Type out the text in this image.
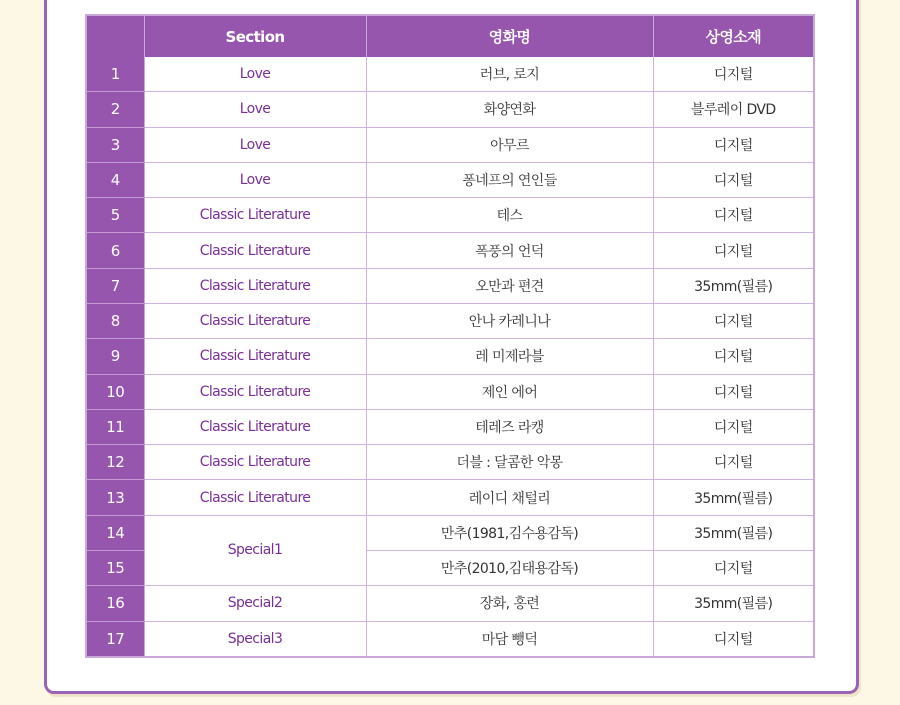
	Section	영화명	상영소재
1	Love	러브, 로지	디지털
2	Love	화양연화	블루레이 DVD
3	Love	아무르	디지털
4	Love	퐁네프의 연인들	디지털
5	Classic Literature	테스	디지털
6	Classic Literature	폭풍의 언덕	디지털
7	Classic Literature	오만과 편견	35mm(필름)
8	Classic Literature	안나 카레니나	디지털
9	Classic Literature	레 미제라블	디지털
10	Classic Literature	제인 에어	디지털
11	Classic Literature	테레즈 라캥	디지털
12	Classic Literature	더블 : 달콤한 악몽	디지털
13	Classic Literature	레이디 채털리	35mm(필름)
14	Special1	만추(1981,김수용감독)	35mm(필름)
15		만추(2010,김태용감독)	디지털
16	Special2	장화, 홍련	35mm(필름)
17	Special3	마담 뺑덕	디지털
